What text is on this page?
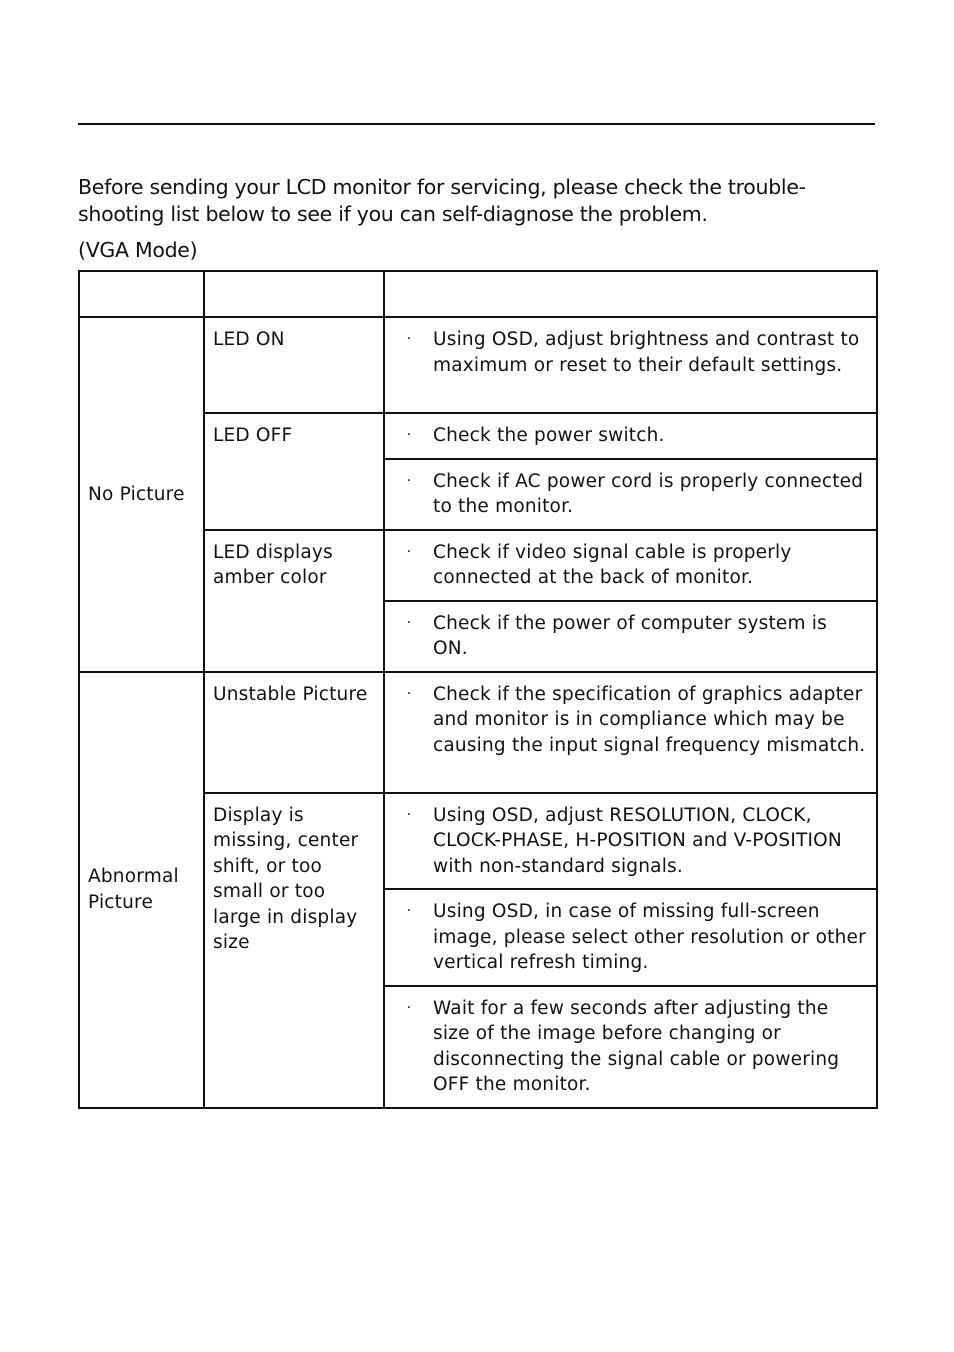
Before sending your LCD monitor for servicing, please check the trouble-shooting list below to see if you can self-diagnose the problem.
(VGA Mode)

No Picture	LED ON	· Using OSD, adjust brightness and contrast to maximum or reset to their default settings.

	LED OFF	· Check the power switch.

		· Check if AC power cord is properly connected to the monitor.

	LED displays amber color	· Check if video signal cable is properly connected at the back of monitor.

		· Check if the power of computer system is ON.

Abnormal Picture	Unstable Picture	· Check if the specification of graphics adapter and monitor is in compliance which may be causing the input signal frequency mismatch.

	Display is missing, center shift, or too small or too large in display size	· Using OSD, adjust RESOLUTION, CLOCK, CLOCK-PHASE, H-POSITION and V-POSITION with non-standard signals.

		· Using OSD, in case of missing full-screen image, please select other resolution or other vertical refresh timing.

		· Wait for a few seconds after adjusting the size of the image before changing or disconnecting the signal cable or powering OFF the monitor.
